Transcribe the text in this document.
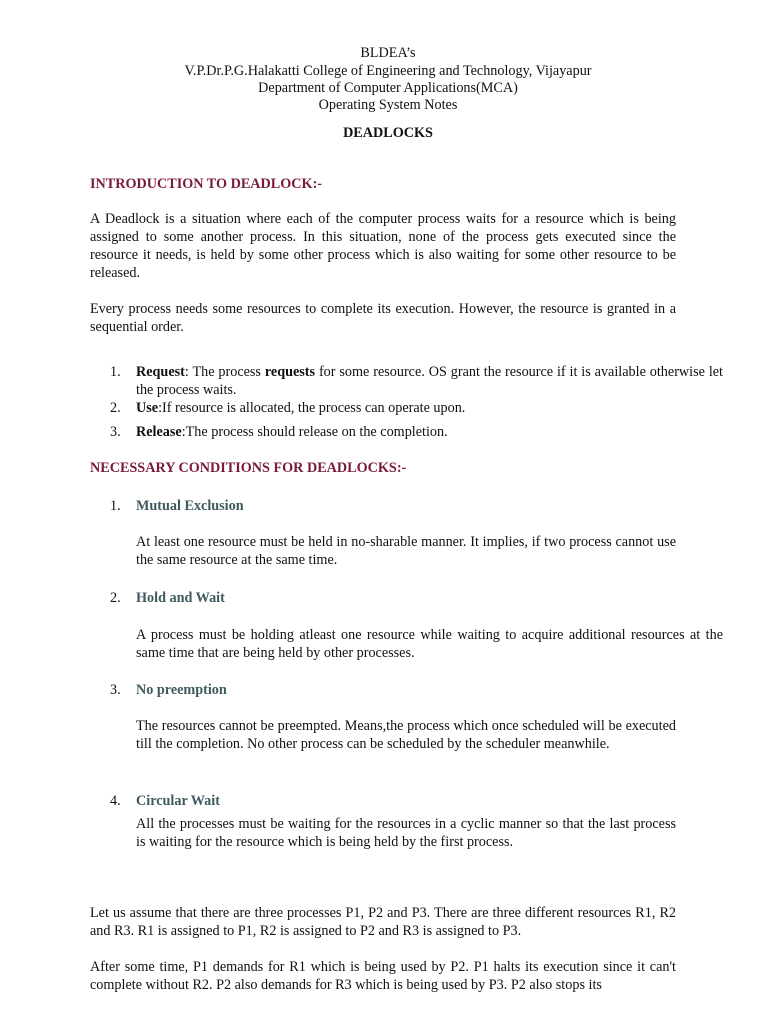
BLDEA’s
V.P.Dr.P.G.Halakatti College of Engineering and Technology, Vijayapur
Department of Computer Applications(MCA)
Operating System Notes
DEADLOCKS
INTRODUCTION TO DEADLOCK:-
A Deadlock is a situation where each of the computer process waits for a resource which is being assigned to some another process. In this situation, none of the process gets executed since the resource it needs, is held by some other process which is also waiting for some other resource to be released.
Every process needs some resources to complete its execution. However, the resource is granted in a sequential order.
1.	Request: The process requests for some resource. OS grant the resource if it is available otherwise let the process waits.
2.	Use:If resource is allocated, the process can operate upon.
3.	Release:The process should release on the completion.
NECESSARY CONDITIONS FOR DEADLOCKS:-
1.	Mutual Exclusion
At least one resource must be held in no-sharable manner. It implies, if two process cannot use the same resource at the same time.
2.	Hold and Wait
A process must be holding atleast one resource while waiting to acquire additional resources at the same time that are being held by other processes.
3.	No preemption
The resources cannot be preempted. Means,the process which once scheduled will be executed till the completion. No other process can be scheduled by the scheduler meanwhile.
4.	Circular Wait
All the processes must be waiting for the resources in a cyclic manner so that the last process is waiting for the resource which is being held by the first process.
Let us assume that there are three processes P1, P2 and P3. There are three different resources R1, R2 and R3. R1 is assigned to P1, R2 is assigned to P2 and R3 is assigned to P3.
After some time, P1 demands for R1 which is being used by P2. P1 halts its execution since it can't complete without R2. P2 also demands for R3 which is being used by P3. P2 also stops its
